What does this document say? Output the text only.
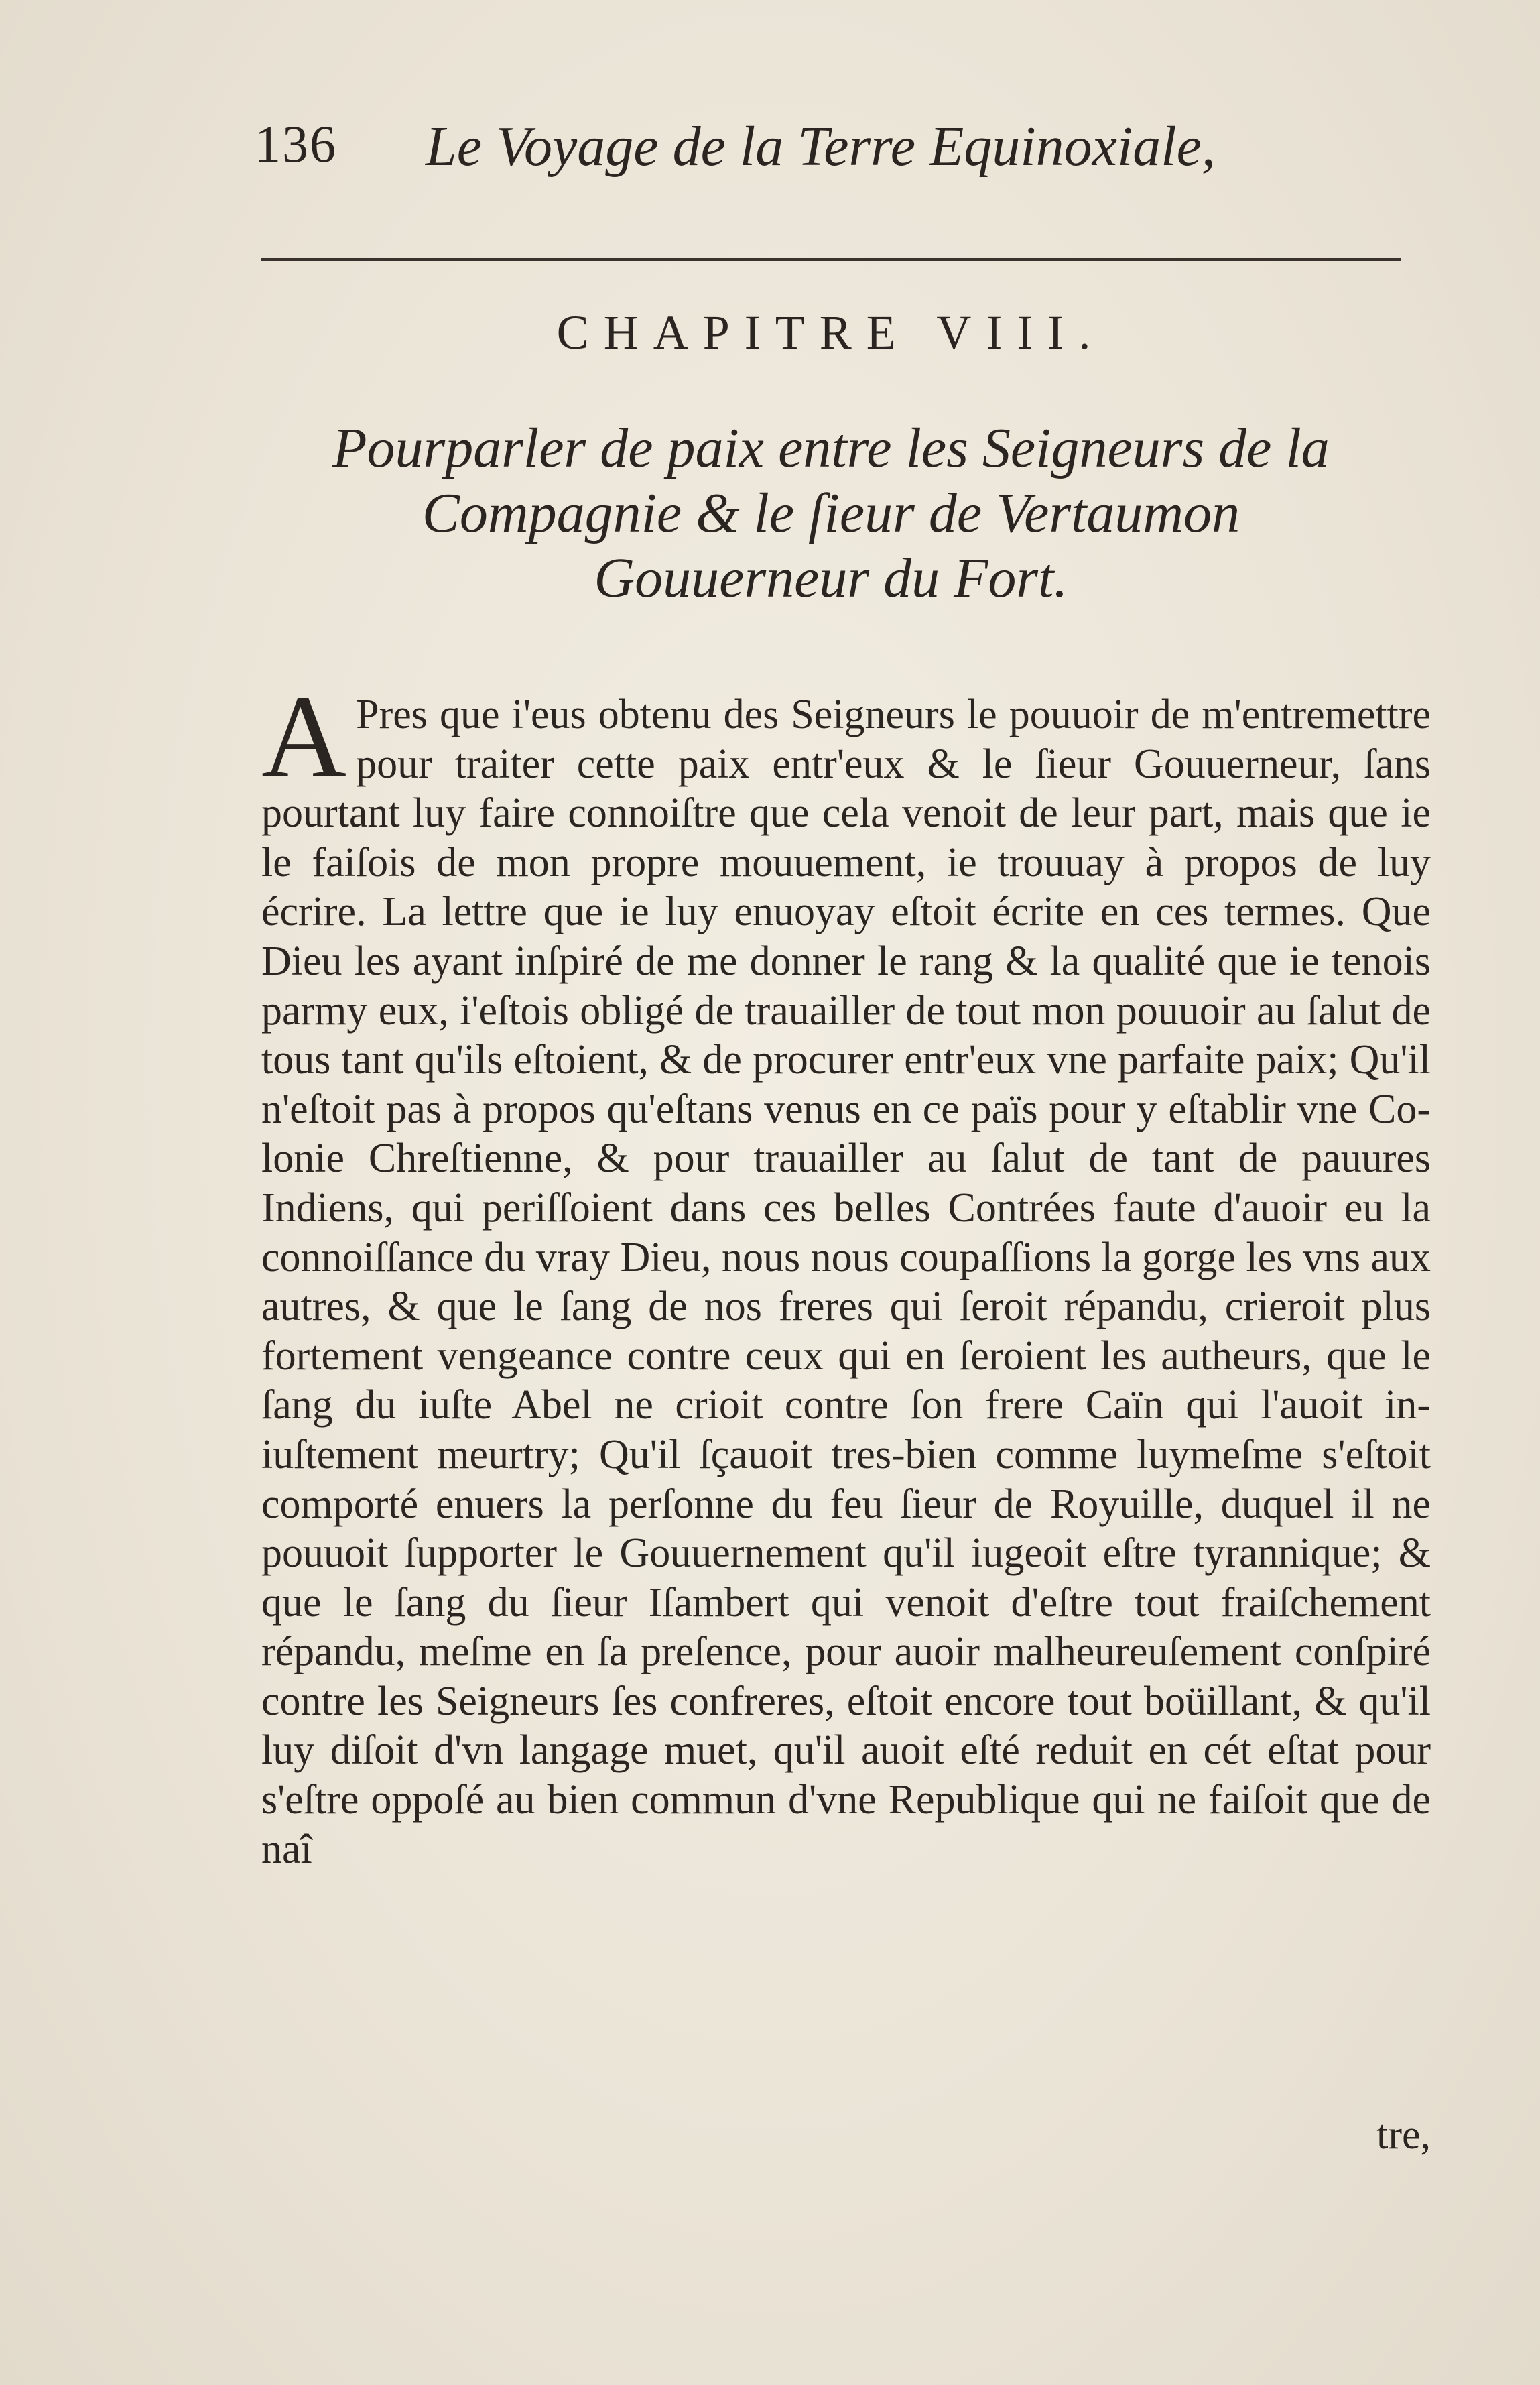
136 Le Voyage de la Terre Equinoxiale,
CHAPITRE VIII.
Pourparler de paix entre les Seigneurs de la
Compagnie & le ſieur de Vertaumon
Gouuerneur du Fort.
A Pres que i'eus obtenu des Seigneurs le pouuoir de m'entremettre pour traiter cette paix entr'eux & le ſieur Gouuerneur, ſans pourtant luy faire connoiſtre que cela venoit de leur part, mais que ie le faiſois de mon propre mouuement, ie trouuay à propos de luy écrire. La lettre que ie luy enuoyay eſtoit écrite en ces termes. Que Dieu les ayant inſpiré de me donner le rang & la qualité que ie tenois parmy eux, i'eſtois obligé de trauailler de tout mon pouuoir au ſalut de tous tant qu'ils eſtoient, & de procurer entr'eux vne parfaite paix; Qu'il n'eſtoit pas à propos qu'eſtans venus en ce païs pour y eſtablir vne Colonie Chreſtienne, & pour trauailler au ſalut de tant de pauures Indiens, qui periſſoient dans ces belles Contrées faute d'auoir eu la connoiſſance du vray Dieu, nous nous coupaſſions la gorge les vns aux autres, & que le ſang de nos freres qui ſeroit répandu, crieroit plus fortement vengeance contre ceux qui en ſeroient les autheurs, que le ſang du iuſte Abel ne crioit contre ſon frere Caïn qui l'auoit iniuſtement meurtry; Qu'il ſçauoit tres-bien comme luymeſme s'eſtoit comporté enuers la perſonne du feu ſieur de Royuille, duquel il ne pouuoit ſupporter le Gouuernement qu'il iugeoit eſtre tyrannique; & que le ſang du ſieur Iſambert qui venoit d'eſtre tout fraiſchement répandu, meſme en ſa preſence, pour auoir malheureuſement conſpiré contre les Seigneurs ſes confreres, eſtoit encore tout boüillant, & qu'il luy diſoit d'vn langage muet, qu'il auoit eſté reduit en cét eſtat pour s'eſtre oppoſé au bien commun d'vne Republique qui ne faiſoit que de naî
tre,
